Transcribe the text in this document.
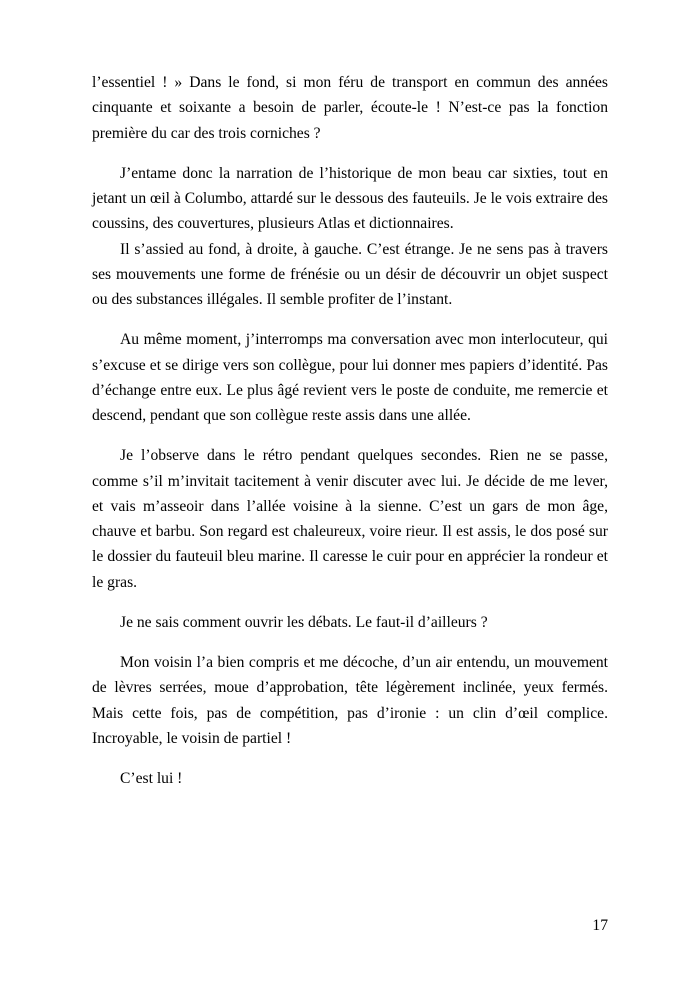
l’essentiel ! » Dans le fond, si mon féru de transport en commun des années cinquante et soixante a besoin de parler, écoute-le ! N’est-ce pas la fonction première du car des trois corniches ?

J’entame donc la narration de l’historique de mon beau car sixties, tout en jetant un œil à Columbo, attardé sur le dessous des fauteuils. Je le vois extraire des coussins, des couvertures, plusieurs Atlas et dictionnaires.

Il s’assied au fond, à droite, à gauche. C’est étrange. Je ne sens pas à travers ses mouvements une forme de frénésie ou un désir de découvrir un objet suspect ou des substances illégales. Il semble profiter de l’instant.

Au même moment, j’interromps ma conversation avec mon interlocuteur, qui s’excuse et se dirige vers son collègue, pour lui donner mes papiers d’identité. Pas d’échange entre eux. Le plus âgé revient vers le poste de conduite, me remercie et descend, pendant que son collègue reste assis dans une allée.

Je l’observe dans le rétro pendant quelques secondes. Rien ne se passe, comme s’il m’invitait tacitement à venir discuter avec lui. Je décide de me lever, et vais m’asseoir dans l’allée voisine à la sienne. C’est un gars de mon âge, chauve et barbu. Son regard est chaleureux, voire rieur. Il est assis, le dos posé sur le dossier du fauteuil bleu marine. Il caresse le cuir pour en apprécier la rondeur et le gras.

Je ne sais comment ouvrir les débats. Le faut-il d’ailleurs ?

Mon voisin l’a bien compris et me décoche, d’un air entendu, un mouvement de lèvres serrées, moue d’approbation, tête légèrement inclinée, yeux fermés. Mais cette fois, pas de compétition, pas d’ironie : un clin d’œil complice. Incroyable, le voisin de partiel !

C’est lui !

17
